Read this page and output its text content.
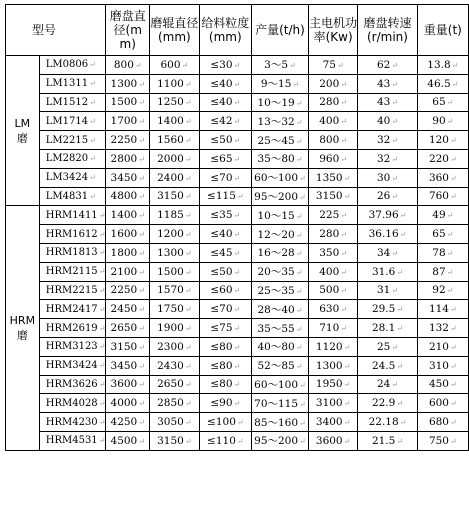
型号		磨盘直径(mm)	磨辊直径(mm)	给料粒度(mm)	产量(t/h)	主电机功率(Kw)	磨盘转速(r/min)	重量(t)

LM
磨	LM0806↵	800↵	600↵	≤30↵	3～5↵	75↵	62↵	13.8↵
	LM1311↵	1300↵	1100↵	≤40↵	9～15↵	200↵	43↵	46.5↵
	LM1512↵	1500↵	1250↵	≤40↵	10～19↵	280↵	43↵	65↵
	LM1714↵	1700↵	1400↵	≤42↵	13～32↵	400↵	40↵	90↵
	LM2215↵	2250↵	1560↵	≤50↵	25～45↵	800↵	32↵	120↵
	LM2820↵	2800↵	2000↵	≤65↵	35～80↵	960↵	32↵	220↵
	LM3424↵	3450↵	2400↵	≤70↵	60～100↵	1350↵	30↵	360↵
	LM4831↵	4800↵	3150↵	≤115↵	95～200↵	3150↵	26↵	760↵

HRM
磨	HRM1411↵	1400↵	1185↵	≤35↵	10～15↵	225↵	37.96↵	49↵
	HRM1612↵	1600↵	1200↵	≤40↵	12～20↵	280↵	36.16↵	65↵
	HRM1813↵	1800↵	1300↵	≤45↵	16～28↵	350↵	34↵	78↵
	HRM2115↵	2100↵	1500↵	≤50↵	20～35↵	400↵	31.6↵	87↵
	HRM2215↵	2250↵	1570↵	≤60↵	25～35↵	500↵	31↵	92↵
	HRM2417↵	2450↵	1750↵	≤70↵	28～40↵	630↵	29.5↵	114↵
	HRM2619↵	2650↵	1900↵	≤75↵	35～55↵	710↵	28.1↵	132↵
	HRM3123↵	3150↵	2300↵	≤80↵	40～80↵	1120↵	25↵	210↵
	HRM3424↵	3450↵	2430↵	≤80↵	52～85↵	1300↵	24.5↵	310↵
	HRM3626↵	3600↵	2650↵	≤80↵	60～100↵	1950↵	24↵	450↵
	HRM4028↵	4000↵	2850↵	≤90↵	70～115↵	3100↵	22.9↵	600↵
	HRM4230↵	4250↵	3050↵	≤100↵	85～160↵	3400↵	22.18↵	680↵
	HRM4531↵	4500↵	3150↵	≤110↵	95～200↵	3600↵	21.5↵	750↵
